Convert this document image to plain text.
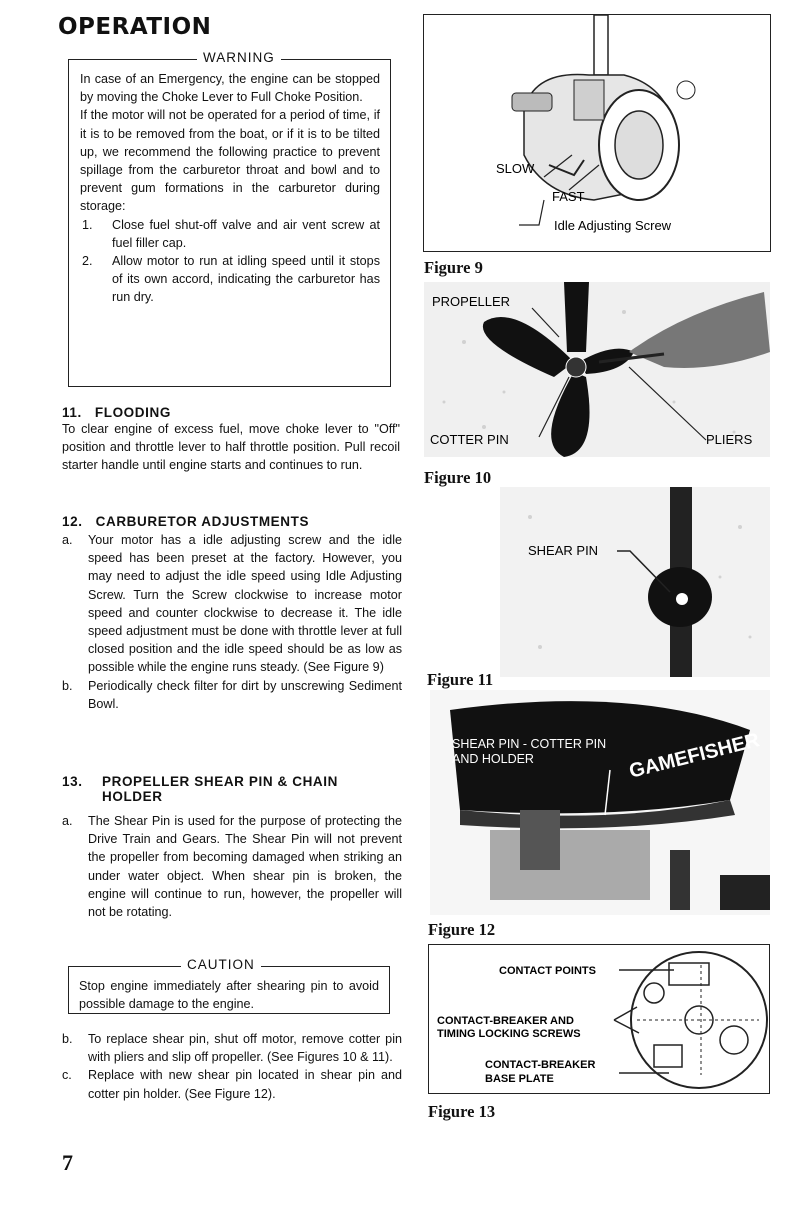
OPERATION
WARNING

In case of an Emergency, the engine can be stopped by moving the Choke Lever to Full Choke Position.

If the motor will not be operated for a period of time, if it is to be removed from the boat, or if it is to be tilted up, we recommend the following practice to prevent spillage from the carburetor throat and bowl and to prevent gum formations in the carburetor during storage:

1. Close fuel shut-off valve and air vent screw at fuel filler cap.
2. Allow motor to run at idling speed until it stops of its own accord, indicating the carburetor has run dry.
11.   FLOODING
To clear engine of excess fuel, move choke lever to "Off" position and throttle lever to half throttle position. Pull recoil starter handle until engine starts and continues to run.
12.   CARBURETOR ADJUSTMENTS
a. Your motor has a idle adjusting screw and the idle speed has been preset at the factory. However, you may need to adjust the idle speed using Idle Adjusting Screw. Turn the Screw clockwise to increase motor speed and counter clockwise to decrease it. The idle speed adjustment must be done with throttle lever at full closed position and the idle speed should be as low as possible while the engine runs steady. (See Figure 9)
b. Periodically check filter for dirt by unscrewing Sediment Bowl.
13. PROPELLER SHEAR PIN & CHAIN HOLDER
a. The Shear Pin is used for the purpose of protecting the Drive Train and Gears. The Shear Pin will not prevent the propeller from becoming damaged when striking an under water object. When shear pin is broken, the engine will continue to run, however, the propeller will not be rotating.
CAUTION
Stop engine immediately after shearing pin to avoid possible damage to the engine.
b. To replace shear pin, shut off motor, remove cotter pin with pliers and slip off propeller. (See Figures 10 & 11).
c. Replace with new shear pin located in shear pin and cotter pin holder. (See Figure 12).
7
SLOW
FAST
Idle Adjusting Screw
Figure 9
PROPELLER
COTTER PIN	PLIERS
Figure 10
SHEAR PIN
Figure 11
SHEAR PIN - COTTER PIN
AND HOLDER	GAMEFISHER
Figure 12
CONTACT POINTS
CONTACT-BREAKER AND
TIMING LOCKING SCREWS
CONTACT-BREAKER
BASE PLATE
Figure 13
